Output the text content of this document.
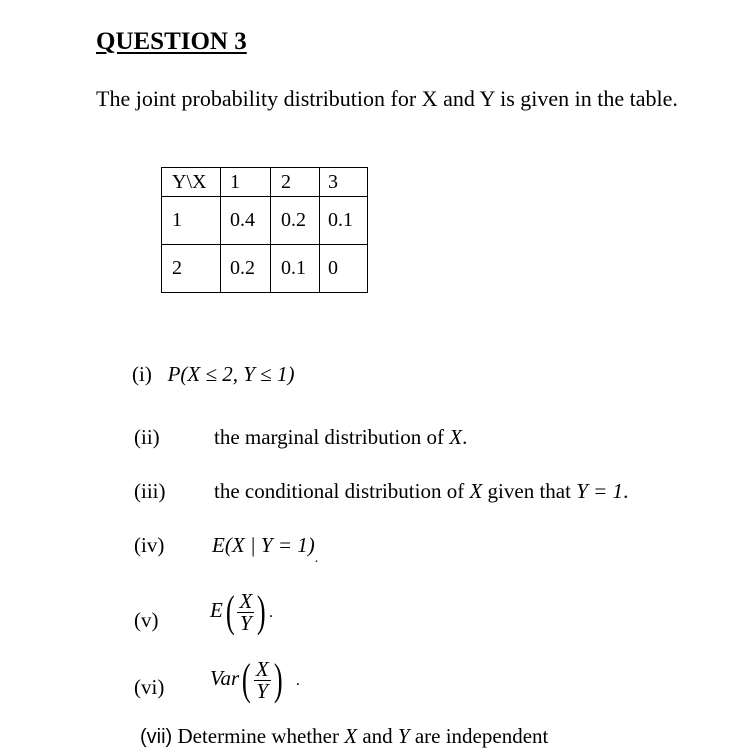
QUESTION 3
The joint probability distribution for X and Y is given in the table.
Y\X	1	2	3
1	0.4	0.2	0.1
2	0.2	0.1	0
(i) P(X ≤ 2, Y ≤ 1)
(ii)	the marginal distribution of X.
(iii) the conditional distribution of X given that Y = 1.
(iv) E(X | $Y = 1)_.$
(v) $E( \frac{X}{Y}$ ) .
(vi) $Var( \frac{X}{Y}$ ) .
(vii) Determine whether X and Y are independent
